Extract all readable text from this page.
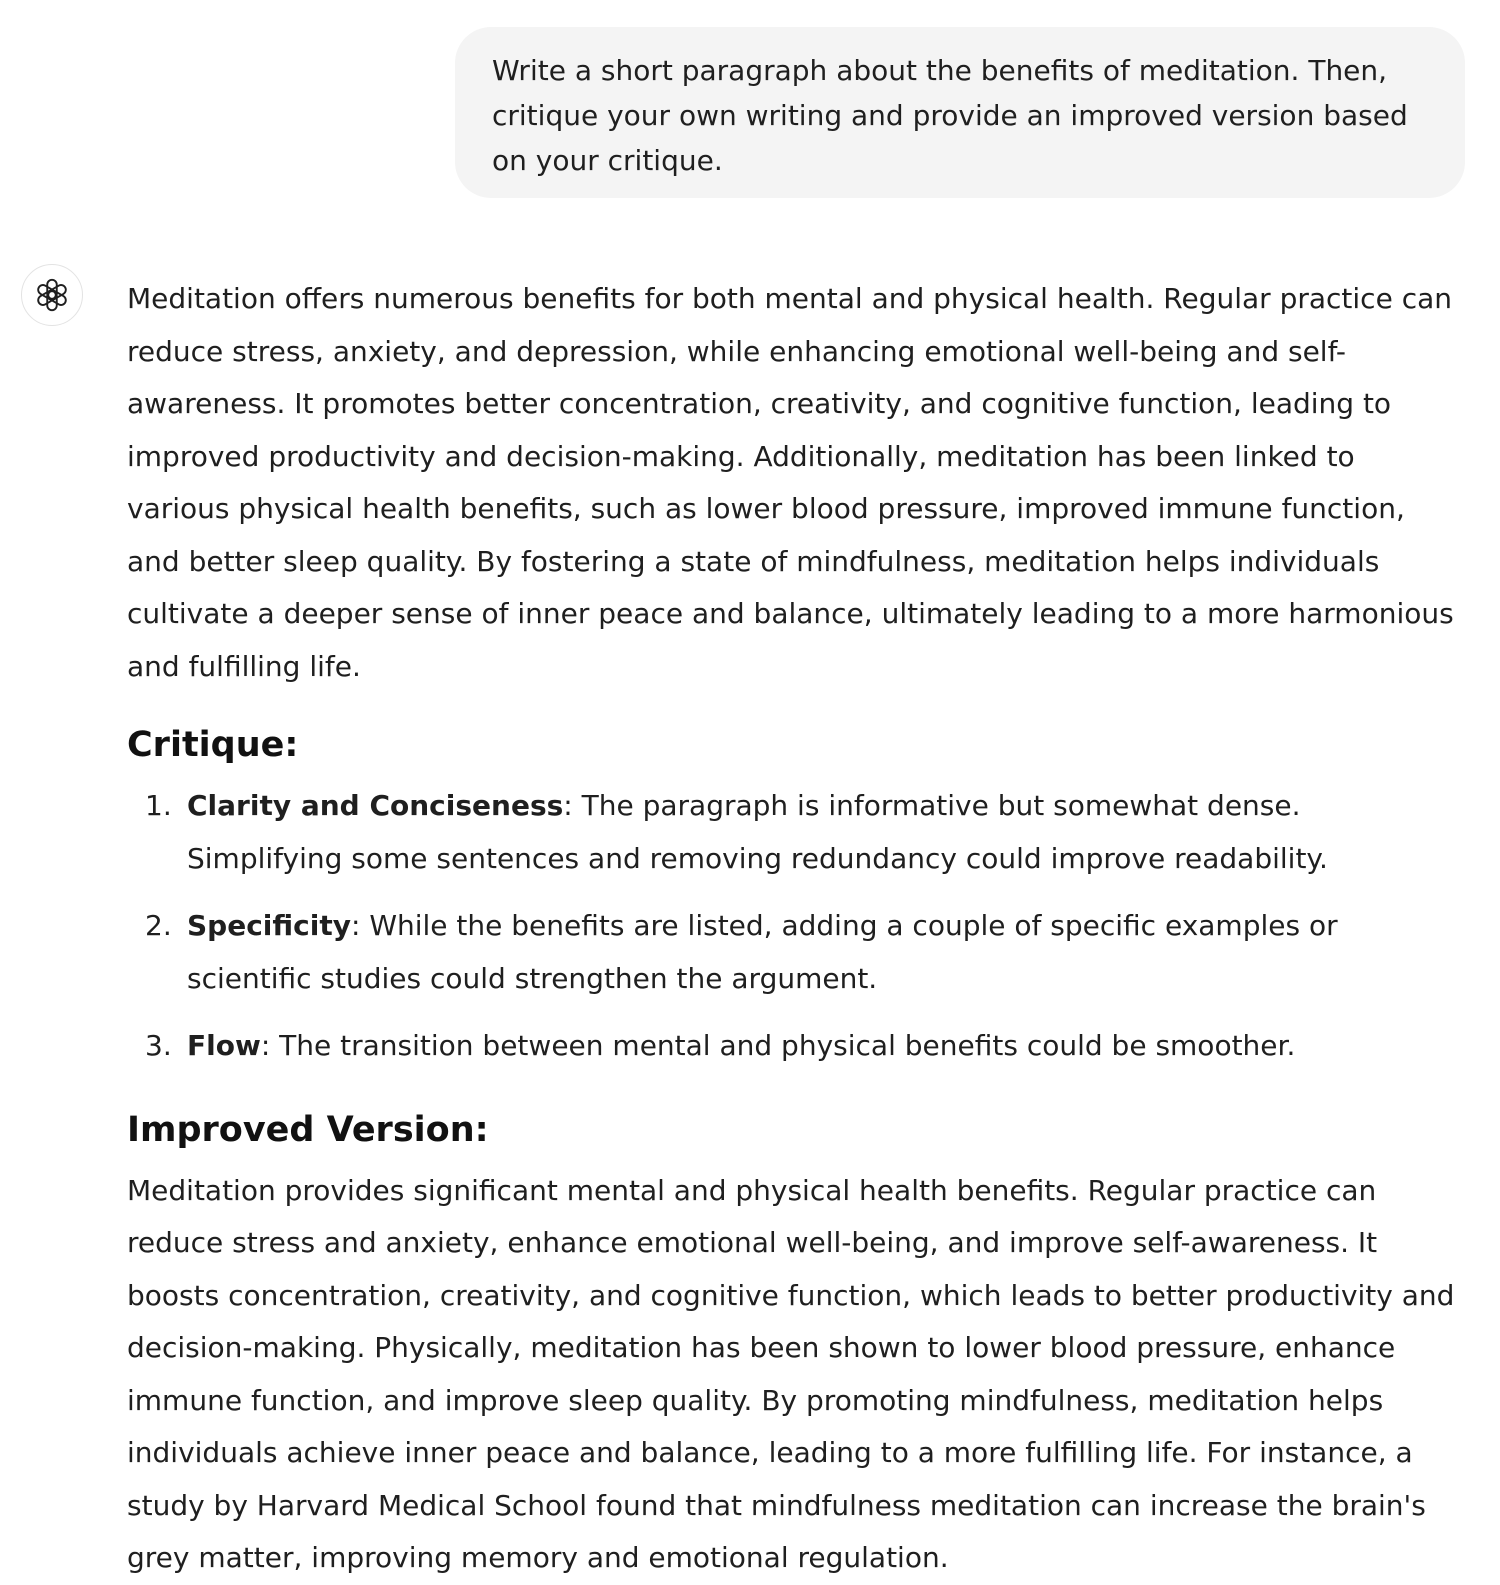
Write a short paragraph about the benefits of meditation. Then, critique your own writing and provide an improved version based on your critique.

Meditation offers numerous benefits for both mental and physical health. Regular practice can reduce stress, anxiety, and depression, while enhancing emotional well-being and self-awareness. It promotes better concentration, creativity, and cognitive function, leading to improved productivity and decision-making. Additionally, meditation has been linked to various physical health benefits, such as lower blood pressure, improved immune function, and better sleep quality. By fostering a state of mindfulness, meditation helps individuals cultivate a deeper sense of inner peace and balance, ultimately leading to a more harmonious and fulfilling life.

Critique:
1. Clarity and Conciseness: The paragraph is informative but somewhat dense. Simplifying some sentences and removing redundancy could improve readability.
2. Specificity: While the benefits are listed, adding a couple of specific examples or scientific studies could strengthen the argument.
3. Flow: The transition between mental and physical benefits could be smoother.
Improved Version:

Meditation provides significant mental and physical health benefits. Regular practice can reduce stress and anxiety, enhance emotional well-being, and improve self-awareness. It boosts concentration, creativity, and cognitive function, which leads to better productivity and decision-making. Physically, meditation has been shown to lower blood pressure, enhance immune function, and improve sleep quality. By promoting mindfulness, meditation helps individuals achieve inner peace and balance, leading to a more fulfilling life. For instance, a study by Harvard Medical School found that mindfulness meditation can increase the brain's grey matter, improving memory and emotional regulation.
